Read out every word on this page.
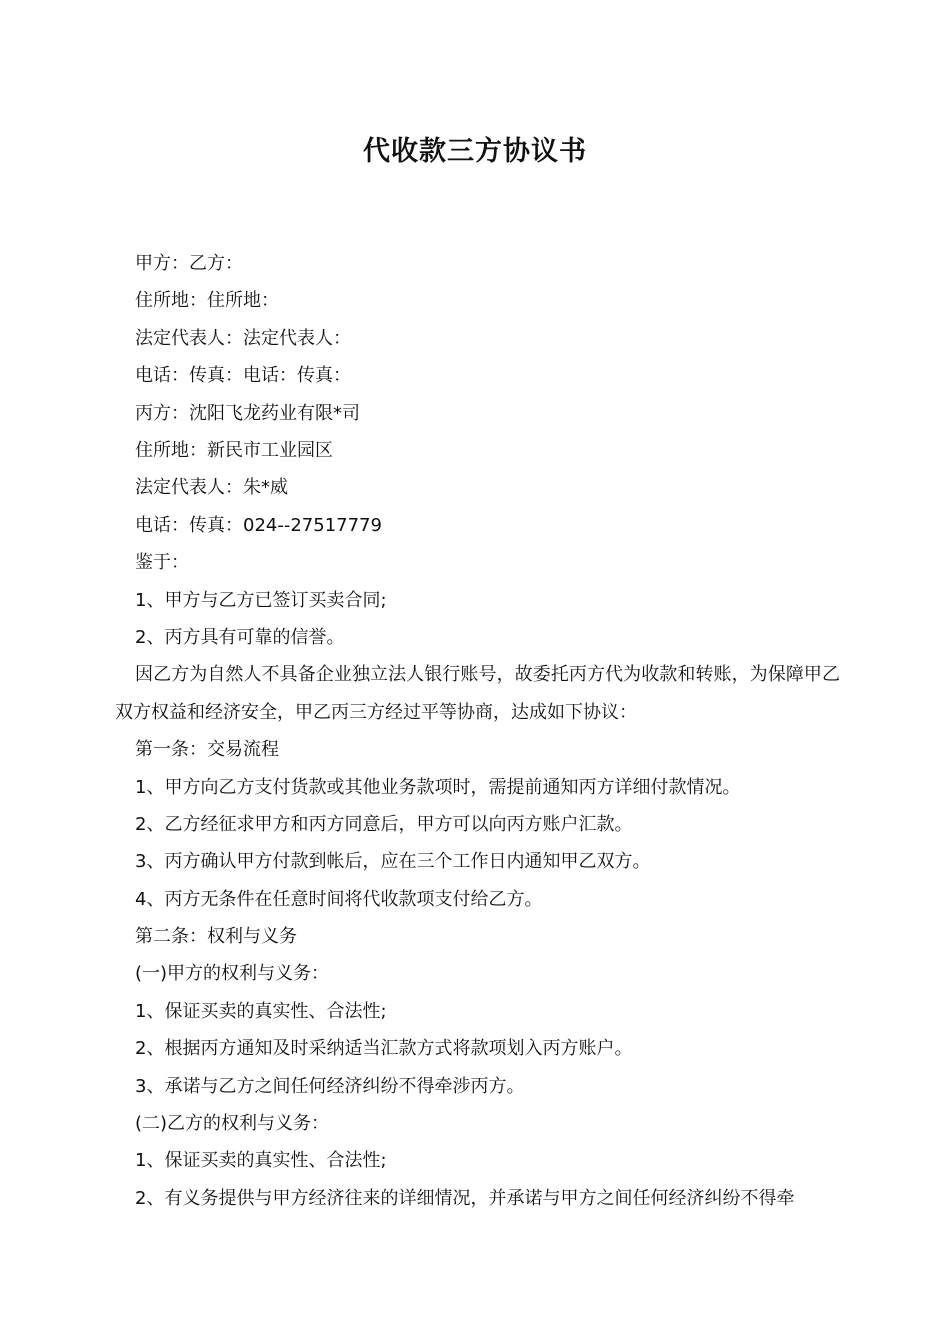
代收款三方协议书
甲方：乙方：
住所地：住所地：
法定代表人：法定代表人：
电话：传真：电话：传真：
丙方：沈阳飞龙药业有限*司
住所地：新民市工业园区
法定代表人：朱*威
电话：传真：024--27517779
鉴于：
1、甲方与乙方已签订买卖合同;
2、丙方具有可靠的信誉。
因乙方为自然人不具备企业独立法人银行账号，故委托丙方代为收款和转账，为保障甲乙双方权益和经济安全，甲乙丙三方经过平等协商，达成如下协议：
第一条：交易流程
1、甲方向乙方支付货款或其他业务款项时，需提前通知丙方详细付款情况。
2、乙方经征求甲方和丙方同意后，甲方可以向丙方账户汇款。
3、丙方确认甲方付款到帐后，应在三个工作日内通知甲乙双方。
4、丙方无条件在任意时间将代收款项支付给乙方。
第二条：权利与义务
(一)甲方的权利与义务：
1、保证买卖的真实性、合法性;
2、根据丙方通知及时采纳适当汇款方式将款项划入丙方账户。
3、承诺与乙方之间任何经济纠纷不得牵涉丙方。
(二)乙方的权利与义务：
1、保证买卖的真实性、合法性;
2、有义务提供与甲方经济往来的详细情况，并承诺与甲方之间任何经济纠纷不得牵
